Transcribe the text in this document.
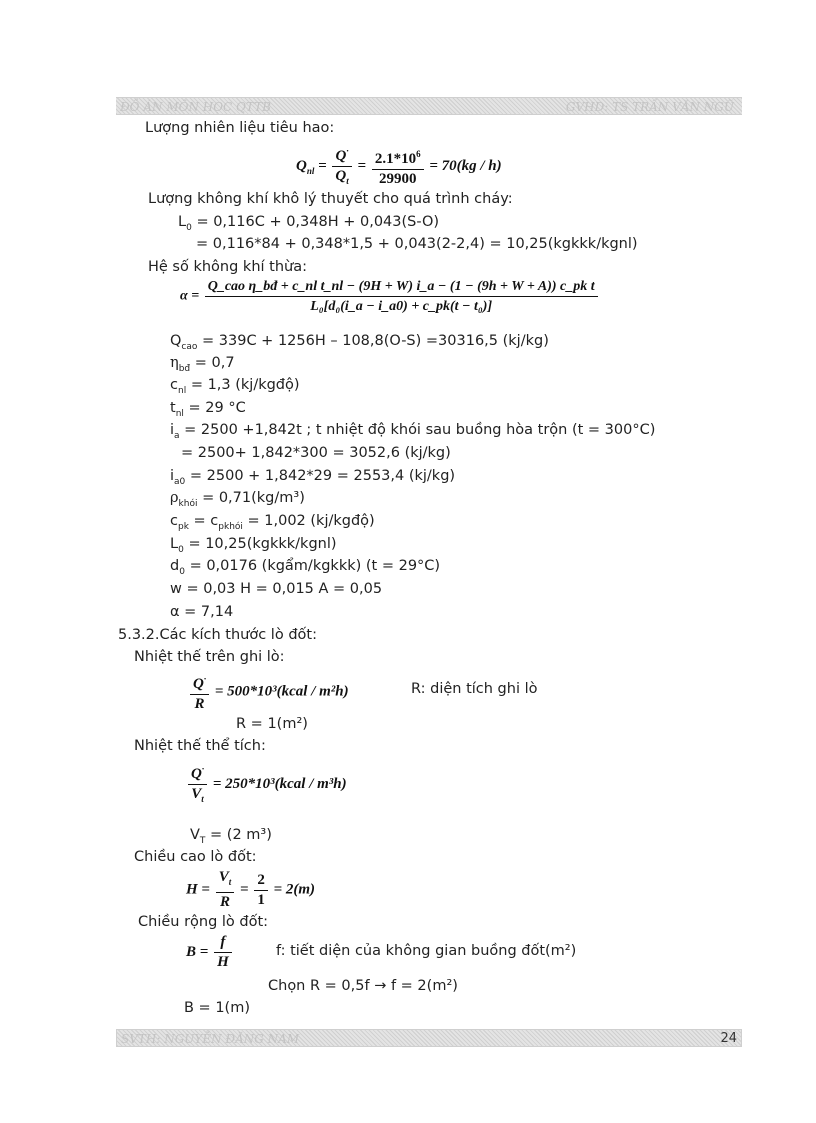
ĐỒ ÁN MÔN HỌC QTTB	GVHD: TS TRẦN VĂN NGŨ
Lượng nhiên liệu tiêu hao:
$Q_{nl} = \frac{Q^\cdot}{Q_t} = \frac{2.1*10^6}{29900} = 70(kg / h)$
Lượng không khí khô lý thuyết cho quá trình cháy:
$L_0 = 0,116C + 0,348H + 0,043(S-O)$
= 0,116*84 + 0,348*1,5 + 0,043(2-2,4) = 10,25(kgkkk/kgnl)
Hệ số không khí thừa:
α =
Q_cao η_bđ + c_nl t_nl − (9H + W) i_a − (1 − (9h + W + A)) c_pk t
L₀[d₀(i_a − i_a0) + c_pk(t − t₀)]
$Q_{cao} = 339C + 1256H - 108,8(O-S) =30316,5$ (kj/kg)
$\eta_{bđ} = 0,7$
$c_{nl} = 1,3$ (kj/kgđộ)
$t_{nl} = 29$ °C
$i_a = 2500 +1,842t$ ; t nhiệt độ khói sau buồng hòa trộn (t = 300°C)
= 2500+ 1,842*300 = 3052,6 (kj/kg)
$i_{a0} = 2500 + 1,842*29 = 2553,4$ (kj/kg)
$\rho_{khói} = 0,71(kg/m^3)$
$c_{pk} = c_{pkhói} = 1,002$ (kj/kgđộ)
$L_0$ = 10,25(kgkkk/kgnl)
$d_0 = 0,0176$ (kgẩm/kgkkk) (t = 29°C)
w = 0,03 H = 0,015 A = 0,05
α = 7,14
5.3.2.Các kích thước lò đốt:
Nhiệt thế trên ghi lò:
$\frac{Q^\cdot}{R}$ = 500*10³(kcal / m²h)	R: diện tích ghi lò
R = 1(m²)
Nhiệt thế thể tích:
$\frac{Q^\cdot}{V_t}$ = 250*10³(kcal / m³h)
$V_T = (2$ m³)
Chiều cao lò đốt:
$H = \frac{V_t}{R} = \frac{2}{1} = 2(m)$
Chiều rộng lò đốt:
$B = \frac{f}{H}$	f: tiết diện của không gian buồng đốt(m²)
Chọn R = 0,5f → f = 2(m²)
B = 1(m)
SVTH: NGUYỄN ĐĂNG NAM	24
